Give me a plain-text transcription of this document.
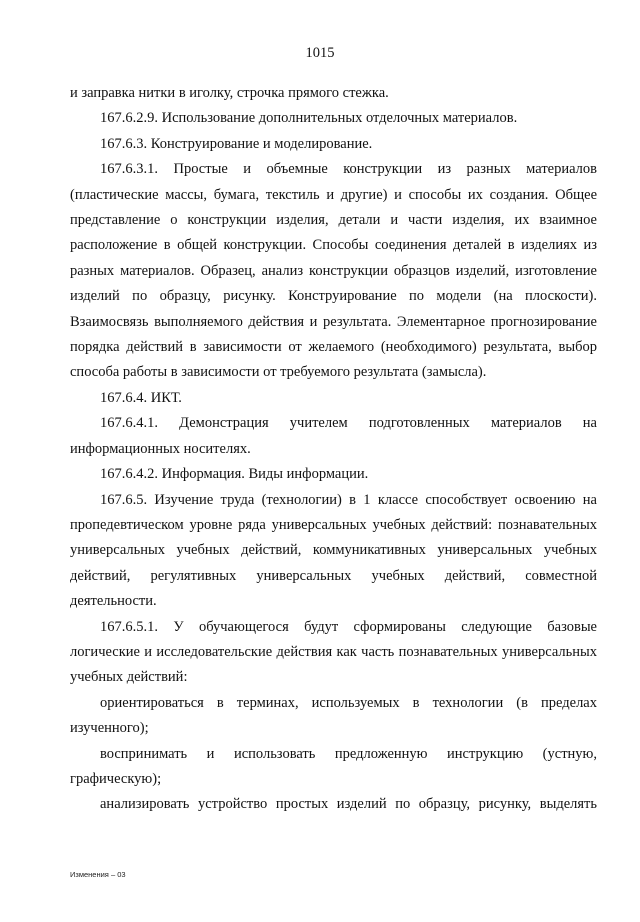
1015

и заправка нитки в иголку, строчка прямого стежка.

167.6.2.9. Использование дополнительных отделочных материалов.

167.6.3. Конструирование и моделирование.

167.6.3.1. Простые и объемные конструкции из разных материалов (пластические массы, бумага, текстиль и другие) и способы их создания. Общее представление о конструкции изделия, детали и части изделия, их взаимное расположение в общей конструкции. Способы соединения деталей в изделиях из разных материалов. Образец, анализ конструкции образцов изделий, изготовление изделий по образцу, рисунку. Конструирование по модели (на плоскости). Взаимосвязь выполняемого действия и результата. Элементарное прогнозирование порядка действий в зависимости от желаемого (необходимого) результата, выбор способа работы в зависимости от требуемого результата (замысла).

167.6.4. ИКТ.

167.6.4.1. Демонстрация учителем подготовленных материалов на информационных носителях.

167.6.4.2. Информация. Виды информации.

167.6.5. Изучение труда (технологии) в 1 классе способствует освоению на пропедевтическом уровне ряда универсальных учебных действий: познавательных универсальных учебных действий, коммуникативных универсальных учебных действий, регулятивных универсальных учебных действий, совместной деятельности.

167.6.5.1. У обучающегося будут сформированы следующие базовые логические и исследовательские действия как часть познавательных универсальных учебных действий:

ориентироваться в терминах, используемых в технологии (в пределах изученного);

воспринимать и использовать предложенную инструкцию (устную, графическую);

анализировать устройство простых изделий по образцу, рисунку, выделять

Изменения – 03
